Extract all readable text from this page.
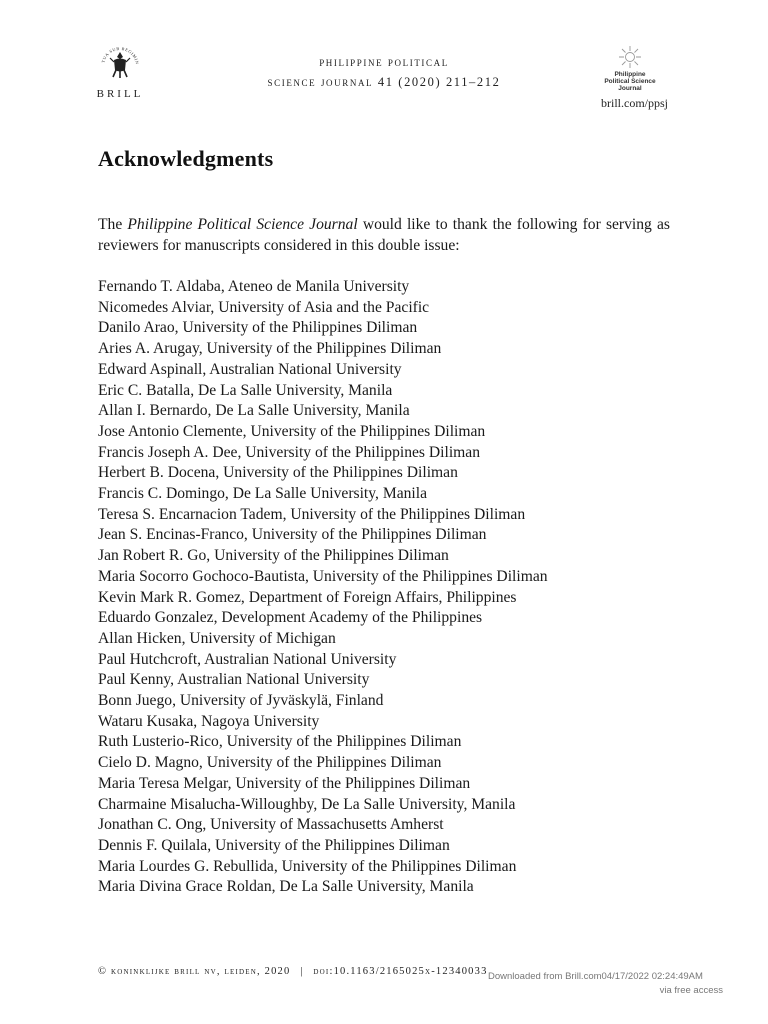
TUA SUB REGIMIN
BRILL
philippine political
science journal 41 (2020) 211–212
Philippine
Political Science
Journal
brill.com/ppsj
Acknowledgments

The Philippine Political Science Journal would like to thank the following for serving as reviewers for manuscripts considered in this double issue:

Fernando T. Aldaba, Ateneo de Manila University
Nicomedes Alviar, University of Asia and the Pacific
Danilo Arao, University of the Philippines Diliman
Aries A. Arugay, University of the Philippines Diliman
Edward Aspinall, Australian National University
Eric C. Batalla, De La Salle University, Manila
Allan I. Bernardo, De La Salle University, Manila
Jose Antonio Clemente, University of the Philippines Diliman
Francis Joseph A. Dee, University of the Philippines Diliman
Herbert B. Docena, University of the Philippines Diliman
Francis C. Domingo, De La Salle University, Manila
Teresa S. Encarnacion Tadem, University of the Philippines Diliman
Jean S. Encinas-Franco, University of the Philippines Diliman
Jan Robert R. Go, University of the Philippines Diliman
Maria Socorro Gochoco-Bautista, University of the Philippines Diliman
Kevin Mark R. Gomez, Department of Foreign Affairs, Philippines
Eduardo Gonzalez, Development Academy of the Philippines
Allan Hicken, University of Michigan
Paul Hutchcroft, Australian National University
Paul Kenny, Australian National University
Bonn Juego, University of Jyväskylä, Finland
Wataru Kusaka, Nagoya University
Ruth Lusterio-Rico, University of the Philippines Diliman
Cielo D. Magno, University of the Philippines Diliman
Maria Teresa Melgar, University of the Philippines Diliman
Charmaine Misalucha-Willoughby, De La Salle University, Manila
Jonathan C. Ong, University of Massachusetts Amherst
Dennis F. Quilala, University of the Philippines Diliman
Maria Lourdes G. Rebullida, University of the Philippines Diliman
Maria Divina Grace Roldan, De La Salle University, Manila
© koninklijke brill nv, leiden, 2020 | doi:10.1163/2165025x-12340033 Downloaded from Brill.com04/17/2022 02:24:49AM
via free access
